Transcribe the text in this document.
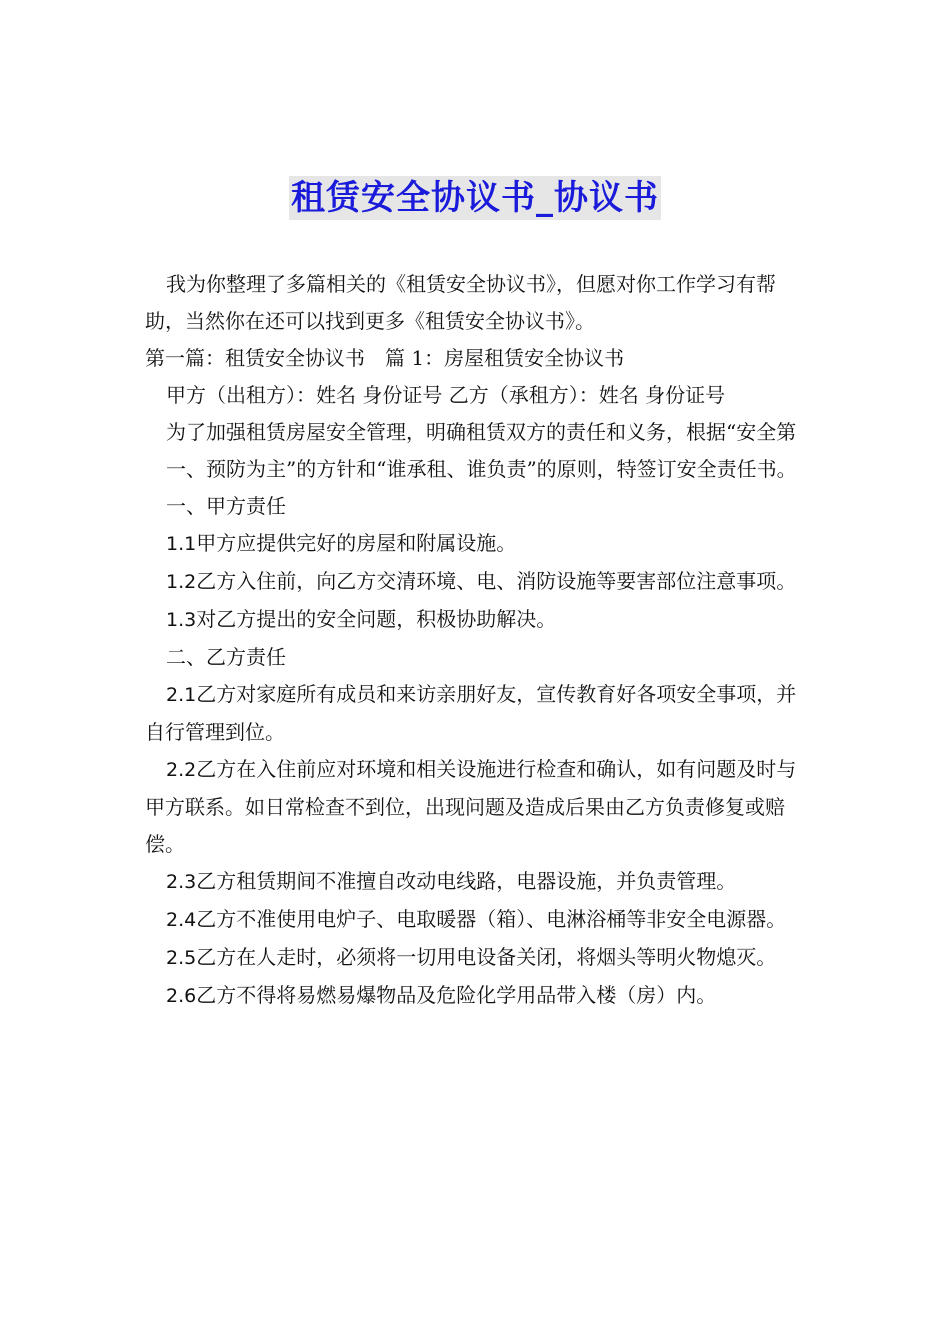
租赁安全协议书_协议书

我为你整理了多篇相关的《租赁安全协议书》，但愿对你工作学习有帮助，当然你在还可以找到更多《租赁安全协议书》。

第一篇：租赁安全协议书　篇 1：房屋租赁安全协议书

甲方（出租方）：姓名 身份证号 乙方（承租方）：姓名 身份证号

为了加强租赁房屋安全管理，明确租赁双方的责任和义务，根据“安全第

一、预防为主”的方针和“谁承租、谁负责”的原则，特签订安全责任书。

一、甲方责任

1.1甲方应提供完好的房屋和附属设施。

1.2乙方入住前，向乙方交清环境、电、消防设施等要害部位注意事项。

1.3对乙方提出的安全问题，积极协助解决。

二、乙方责任

2.1乙方对家庭所有成员和来访亲朋好友，宣传教育好各项安全事项，并自行管理到位。

2.2乙方在入住前应对环境和相关设施进行检查和确认，如有问题及时与甲方联系。如日常检查不到位，出现问题及造成后果由乙方负责修复或赔偿。

2.3乙方租赁期间不准擅自改动电线路，电器设施，并负责管理。

2.4乙方不准使用电炉子、电取暖器（箱）、电淋浴桶等非安全电源器。

2.5乙方在人走时，必须将一切用电设备关闭，将烟头等明火物熄灭。

2.6乙方不得将易燃易爆物品及危险化学用品带入楼（房）内。
